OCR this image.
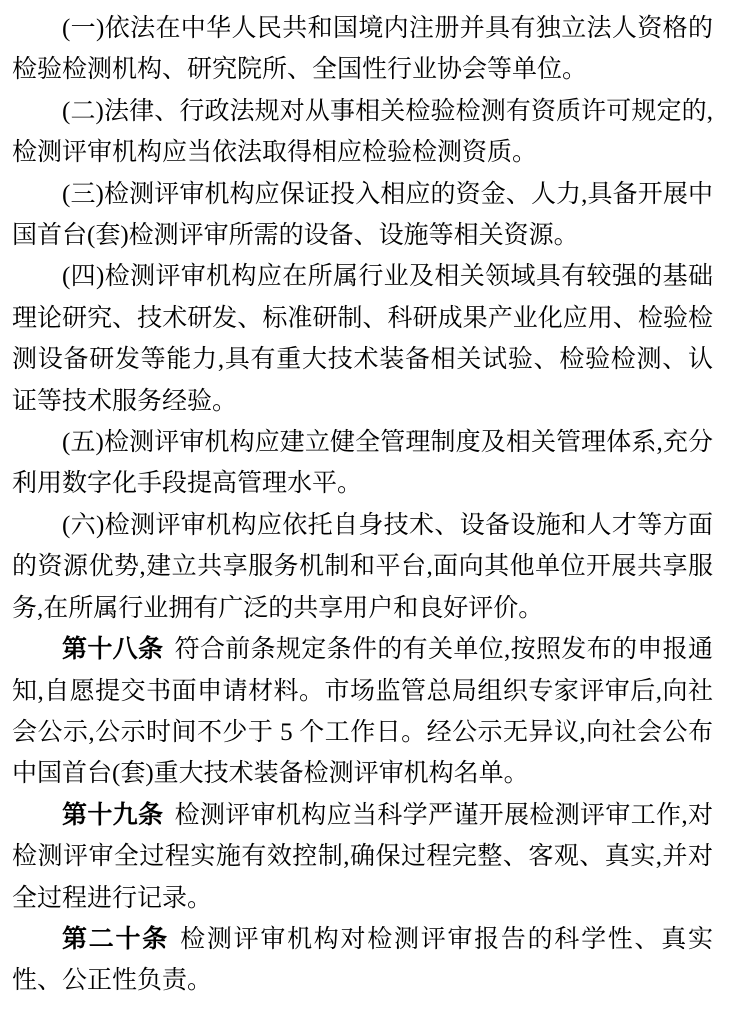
(一)依法在中华人民共和国境内注册并具有独立法人资格的检验检测机构、研究院所、全国性行业协会等单位。

(二)法律、行政法规对从事相关检验检测有资质许可规定的,检测评审机构应当依法取得相应检验检测资质。

(三)检测评审机构应保证投入相应的资金、人力,具备开展中国首台(套)检测评审所需的设备、设施等相关资源。

(四)检测评审机构应在所属行业及相关领域具有较强的基础理论研究、技术研发、标准研制、科研成果产业化应用、检验检测设备研发等能力,具有重大技术装备相关试验、检验检测、认证等技术服务经验。

(五)检测评审机构应建立健全管理制度及相关管理体系,充分利用数字化手段提高管理水平。

(六)检测评审机构应依托自身技术、设备设施和人才等方面的资源优势,建立共享服务机制和平台,面向其他单位开展共享服务,在所属行业拥有广泛的共享用户和良好评价。

第十八条 符合前条规定条件的有关单位,按照发布的申报通知,自愿提交书面申请材料。市场监管总局组织专家评审后,向社会公示,公示时间不少于 5 个工作日。经公示无异议,向社会公布中国首台(套)重大技术装备检测评审机构名单。

第十九条 检测评审机构应当科学严谨开展检测评审工作,对检测评审全过程实施有效控制,确保过程完整、客观、真实,并对全过程进行记录。

第二十条 检测评审机构对检测评审报告的科学性、真实性、公正性负责。
